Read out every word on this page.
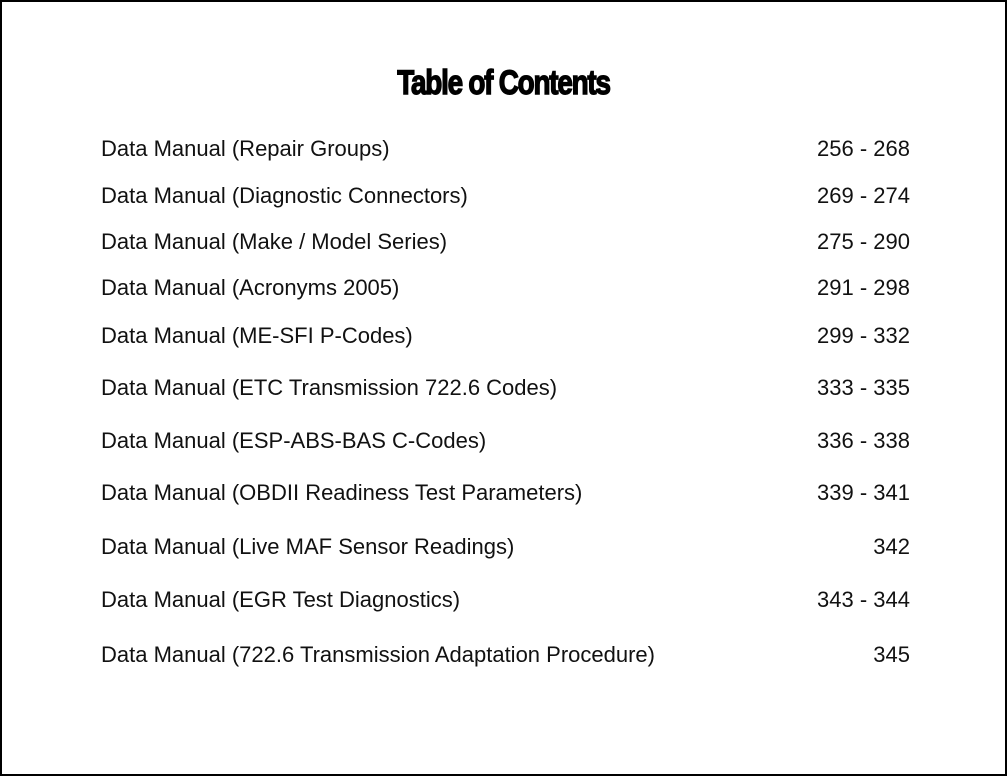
Table of Contents
Data Manual (Repair Groups)	256 - 268
Data Manual (Diagnostic Connectors)	269 - 274
Data Manual (Make / Model Series)	275 - 290
Data Manual (Acronyms 2005)	291 - 298
Data Manual (ME-SFI P-Codes)	299 - 332
Data Manual (ETC Transmission 722.6 Codes)	333 - 335
Data Manual (ESP-ABS-BAS C-Codes)	336 - 338
Data Manual (OBDII Readiness Test Parameters)	339 - 341
Data Manual (Live MAF Sensor Readings)	342
Data Manual (EGR Test Diagnostics)	343 - 344
Data Manual (722.6 Transmission Adaptation Procedure)	345
